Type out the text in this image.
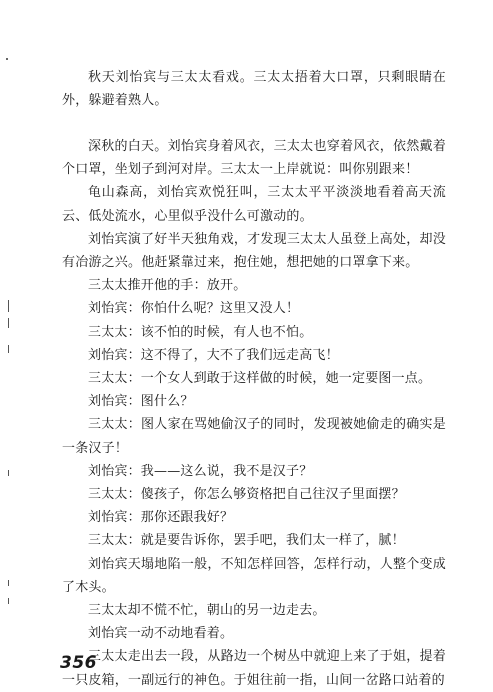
秋天刘怡宾与三太太看戏。三太太捂着大口罩，只剩眼睛在外，躲避着熟人。

深秋的白天。刘怡宾身着风衣，三太太也穿着风衣，依然戴着个口罩，坐划子到河对岸。三太太一上岸就说：叫你别跟来！

龟山森高，刘怡宾欢悦狂叫，三太太平平淡淡地看着高天流云、低处流水，心里似乎没什么可激动的。

刘怡宾演了好半天独角戏，才发现三太太人虽登上高处，却没有冶游之兴。他赶紧靠过来，抱住她，想把她的口罩拿下来。

三太太推开他的手：放开。

刘怡宾：你怕什么呢？这里又没人！

三太太：该不怕的时候，有人也不怕。

刘怡宾：这不得了，大不了我们远走高飞！

三太太：一个女人到敢于这样做的时候，她一定要图一点。

刘怡宾：图什么？

三太太：图人家在骂她偷汉子的同时，发现被她偷走的确实是一条汉子！

刘怡宾：我——这么说，我不是汉子？

三太太：傻孩子，你怎么够资格把自己往汉子里面摆？

刘怡宾：那你还跟我好？

三太太：就是要告诉你，罢手吧，我们太一样了，腻！

刘怡宾天塌地陷一般，不知怎样回答，怎样行动，人整个变成了木头。

三太太却不慌不忙，朝山的另一边走去。

刘怡宾一动不动地看着。

三太太走出去一段，从路边一个树丛中就迎上来了于姐，提着一只皮箱，一副远行的神色。于姐往前一指，山间一岔路口站着的

356
